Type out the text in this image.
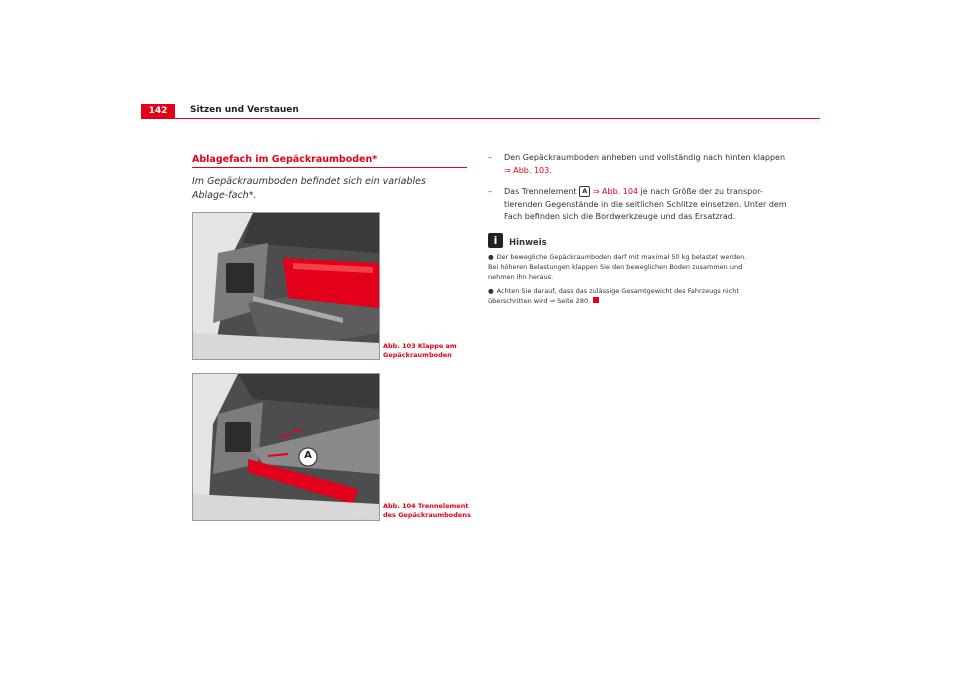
142	Sitzen und Verstauen
Ablagefach im Gepäckraumboden*
Im Gepäckraumboden befindet sich ein variables Ablage-fach*.
B5P-0174
Abb. 103 Klappe am
Gepäckraumboden
A
B5P-0173
Abb. 104 Trennelement
des Gepäckraumbodens
– Den Gepäckraumboden anheben und vollständig nach hinten klappen ⇒ Abb. 103.
– Das Trennelement A ⇒ Abb. 104 je nach Größe der zu transpor-tierenden Gegenstände in die seitlichen Schlitze einsetzen. Unter dem Fach befinden sich die Bordwerkzeuge und das Ersatzrad.
i	Hinweis
● Der bewegliche Gepäckraumboden darf mit maximal 50 kg belastet werden. Bei höheren Belastungen klappen Sie den beweglichen Boden zusammen und nehmen ihn heraus.
● Achten Sie darauf, dass das zulässige Gesamtgewicht des Fahrzeugs nicht überschritten wird ⇒ Seite 280.
